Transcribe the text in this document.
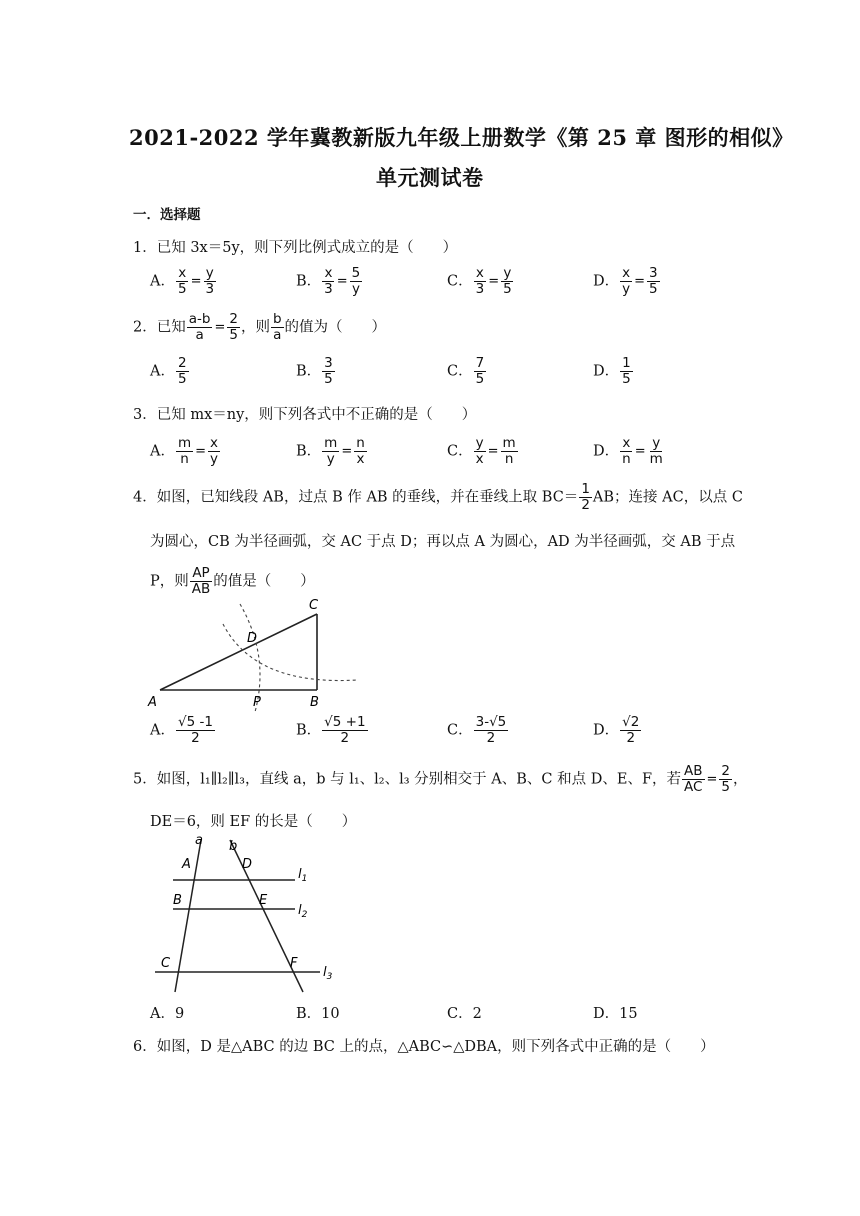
2021-2022 学年冀教新版九年级上册数学《第 25 章 图形的相似》
单元测试卷
一．选择题
1．已知 3x＝5y，则下列比例式成立的是（　　）
A． $\frac{x}{5} = \frac{y}{3}$	B． $\frac{x}{3} = \frac{5}{y}$	C． $\frac{x}{3} = \frac{y}{5}$	D． $\frac{x}{y} = \frac{3}{5}$
2．已知 $\frac{a-b}{a} = \frac{2}{5}$ ，则 $\frac{b}{a}$ 的值为（　　）
A． $\frac{2}{5}$	B． $\frac{3}{5}$	C． $\frac{7}{5}$	D． $\frac{1}{5}$
3．已知 mx＝ny，则下列各式中不正确的是（　　）
A． $\frac{m}{n} = \frac{x}{y}$	B． $\frac{m}{y} = \frac{n}{x}$	C． $\frac{y}{x} = \frac{m}{n}$	D． $\frac{x}{n} = \frac{y}{m}$
4．如图，已知线段 AB，过点 B 作 AB 的垂线，并在垂线上取 $BC= \frac{1}{2}$ AB；连接 AC，以点 C
为圆心，CB 为半径画弧，交 AC 于点 D；再以点 A 为圆心，AD 为半径画弧，交 AB 于点
P，则 $\frac{AP}{AB}$ 的值是（　　）
C
D
A	P	B
A． $\frac{√5 -1}{2}$	B． $\frac{√5 +1}{2}$	C． $\frac{3-√5}{2}$	D． $\frac{√2}{2}$
5．如图，l₁∥l₂∥l₃，直线 a，b 与 l₁、l₂、l₃ 分别相交于 A、B、C 和点 D、E、F，若 $\frac{AB}{AC} = \frac{2}{5}$ ，
DE＝6，则 EF 的长是（　　）
a b
A	D
B	E
C	F
$l_1$
$l_2$
$l_3$
A．9	B．10	C．2	D．15
6．如图，D 是△ABC 的边 BC 上的点，△ABC∽△DBA，则下列各式中正确的是（　　）
